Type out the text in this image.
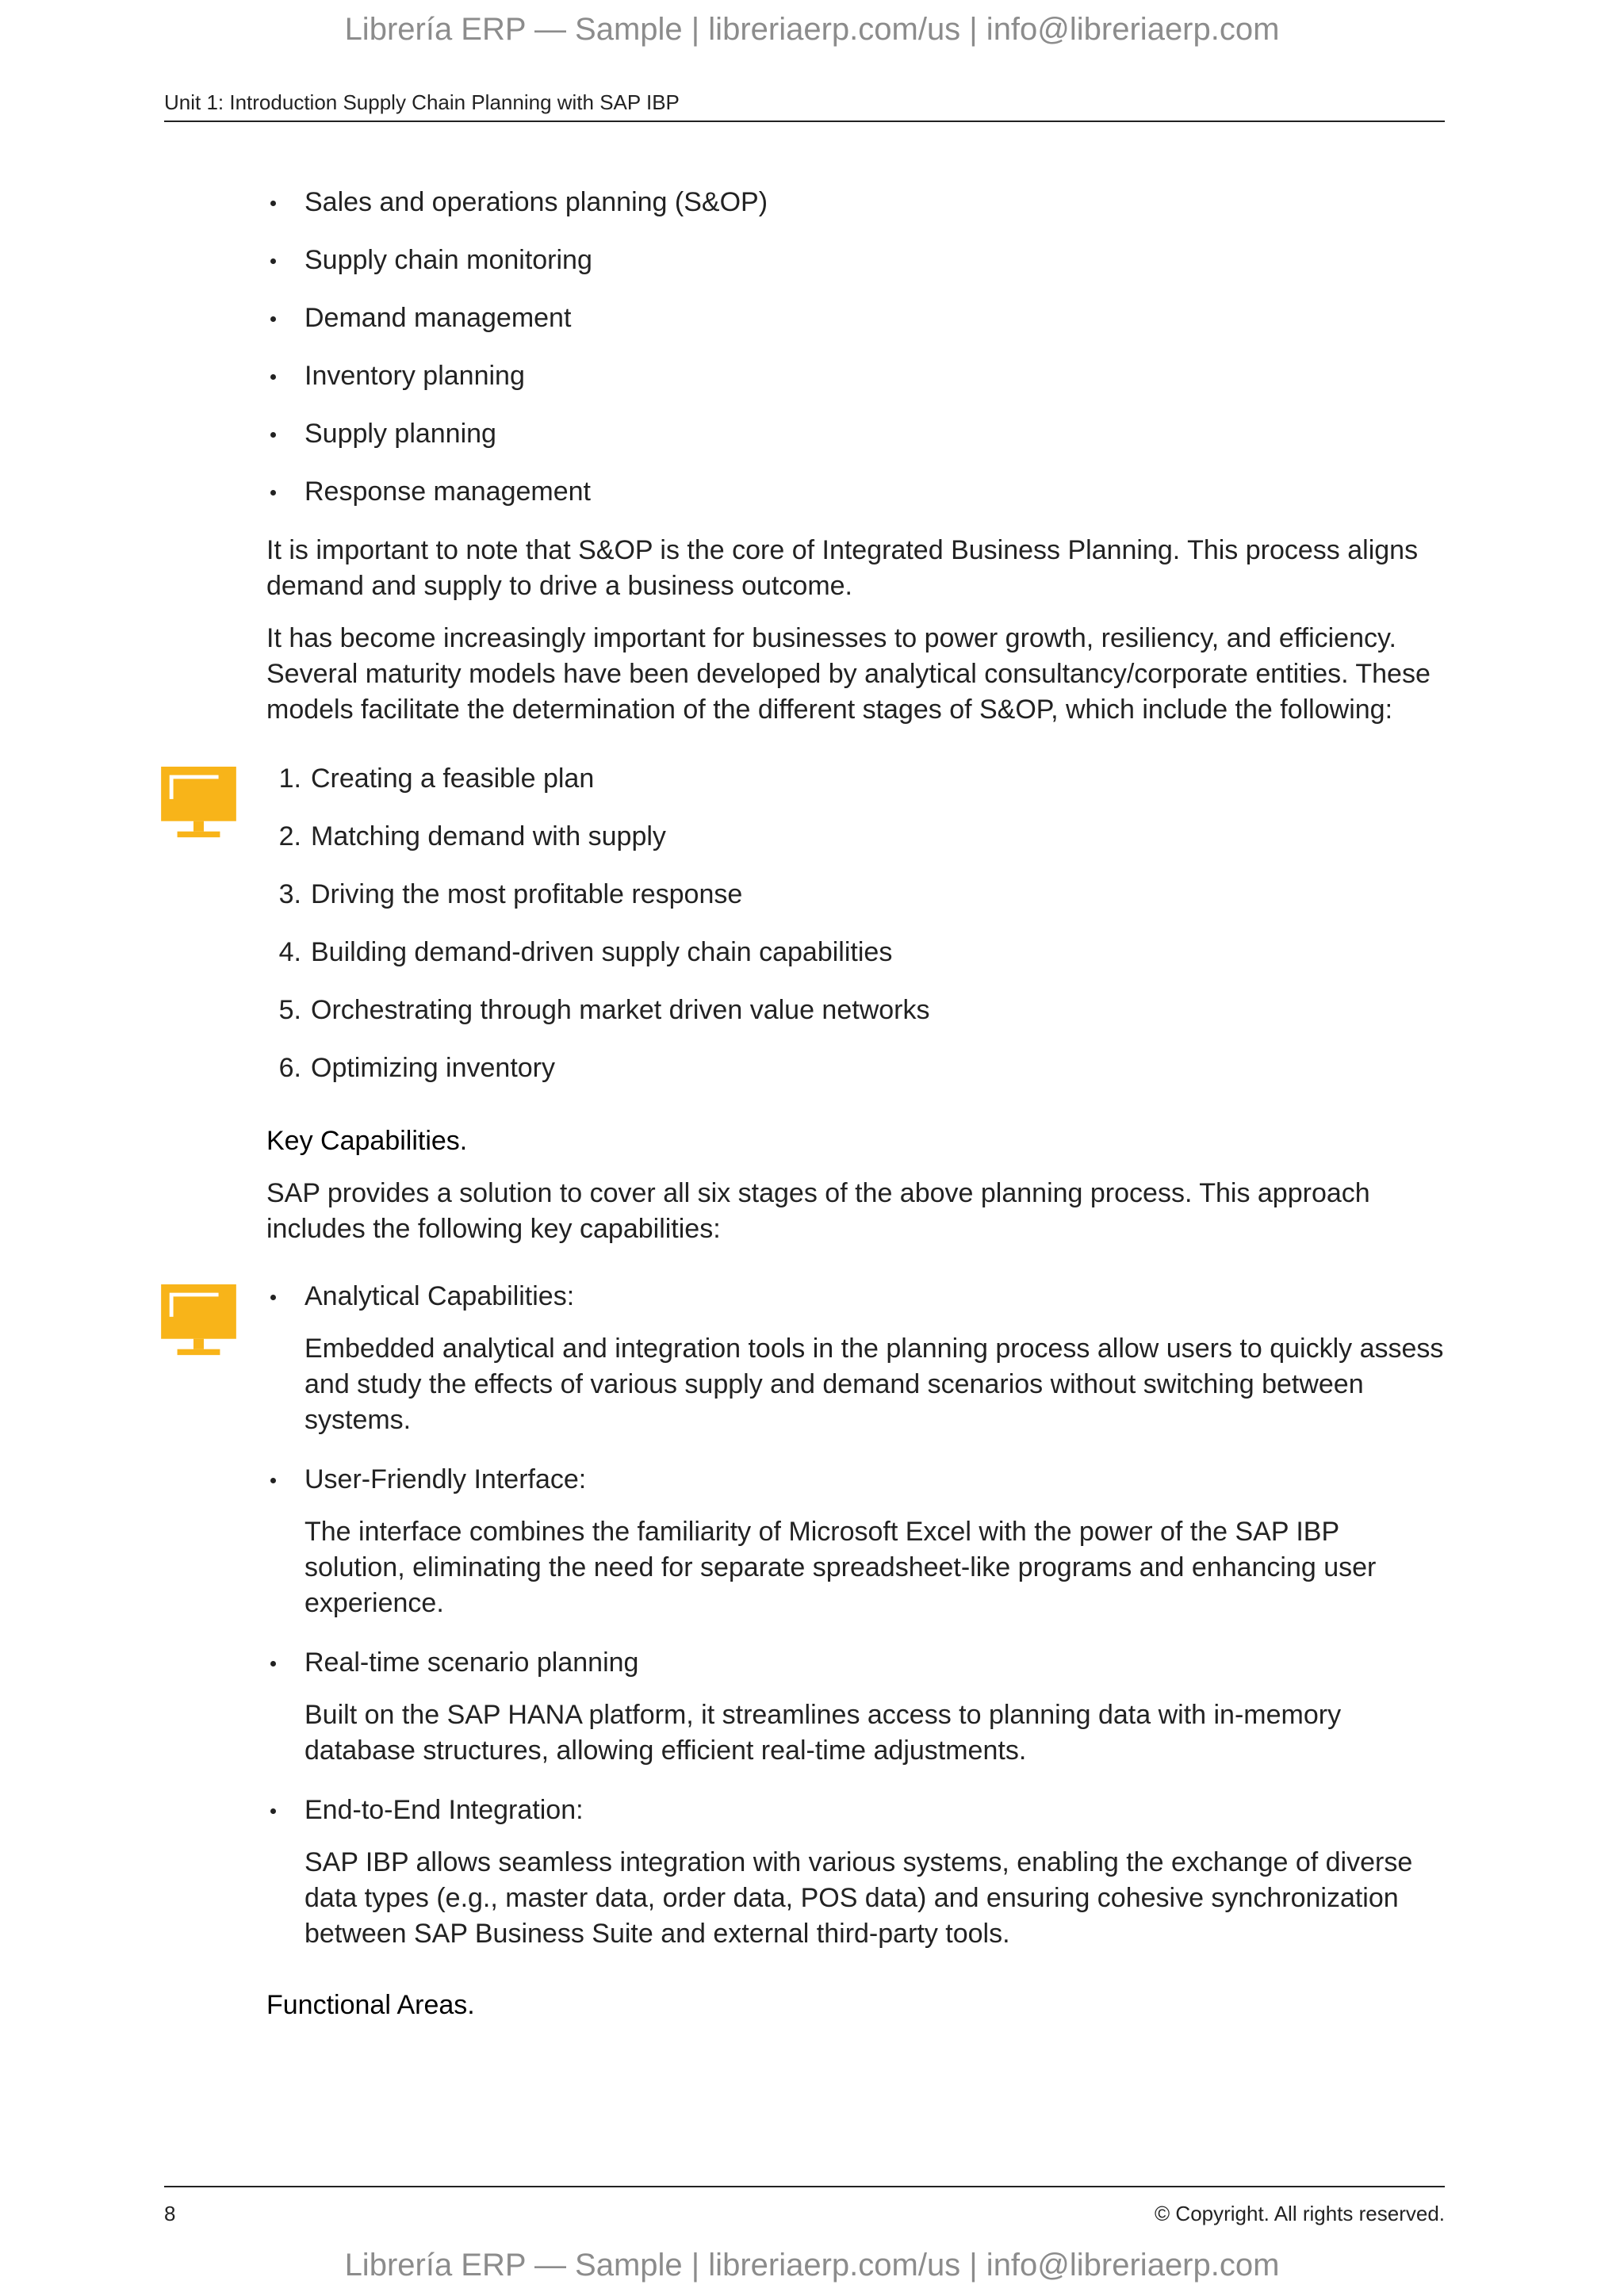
Librería ERP — Sample | libreriaerp.com/us | info@libreriaerp.com
Unit 1: Introduction Supply Chain Planning with SAP IBP
Sales and operations planning (S&OP)
Supply chain monitoring
Demand management
Inventory planning
Supply planning
Response management

It is important to note that S&OP is the core of Integrated Business Planning. This process aligns demand and supply to drive a business outcome.

It has become increasingly important for businesses to power growth, resiliency, and efficiency. Several maturity models have been developed by analytical consultancy/corporate entities. These models facilitate the determination of the different stages of S&OP, which include the following:

1. Creating a feasible plan
2. Matching demand with supply
3. Driving the most profitable response
4. Building demand-driven supply chain capabilities
5. Orchestrating through market driven value networks
6. Optimizing inventory

Key Capabilities.

SAP provides a solution to cover all six stages of the above planning process. This approach includes the following key capabilities:

Analytical Capabilities:

Embedded analytical and integration tools in the planning process allow users to quickly assess and study the effects of various supply and demand scenarios without switching between systems.

User-Friendly Interface:

The interface combines the familiarity of Microsoft Excel with the power of the SAP IBP solution, eliminating the need for separate spreadsheet-like programs and enhancing user experience.

Real-time scenario planning

Built on the SAP HANA platform, it streamlines access to planning data with in-memory database structures, allowing efficient real-time adjustments.

End-to-End Integration:

SAP IBP allows seamless integration with various systems, enabling the exchange of diverse data types (e.g., master data, order data, POS data) and ensuring cohesive synchronization between SAP Business Suite and external third-party tools.

Functional Areas.

8	© Copyright. All rights reserved.
Librería ERP — Sample | libreriaerp.com/us | info@libreriaerp.com
